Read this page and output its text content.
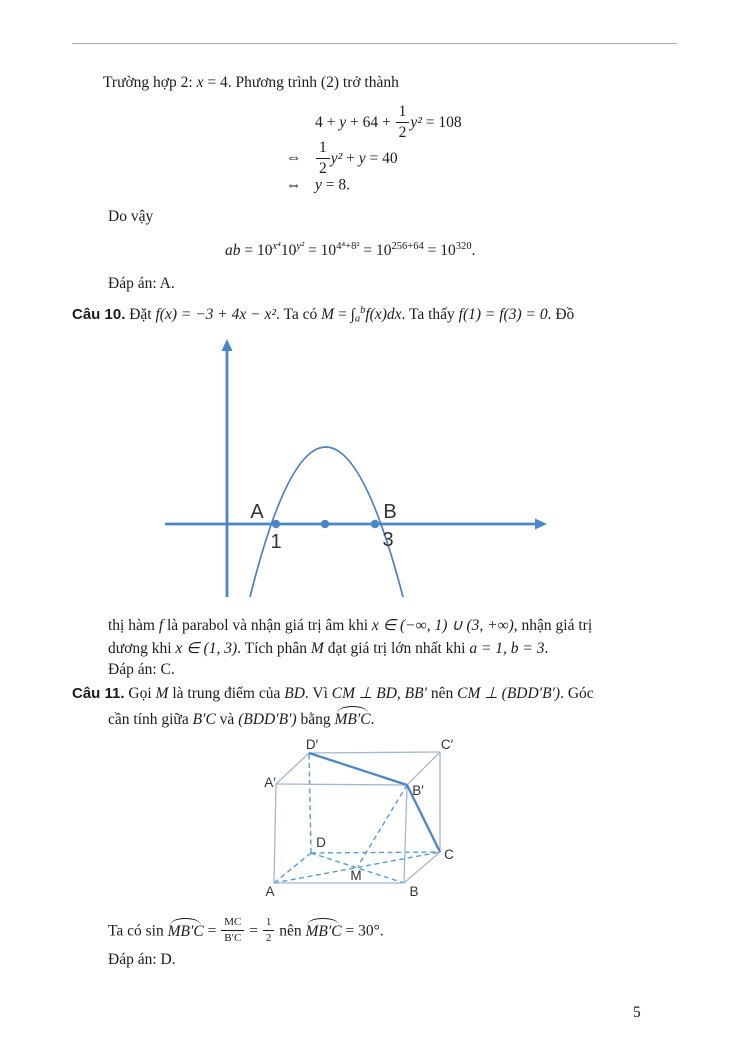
Trường hợp 2: x = 4. Phương trình (2) trở thành
$4 + y + 64 + \frac{1}{2} y^2 = 108$
⇔ $\frac{1}{2} y^2 + y = 40$
⇔ y = 8.
Do vậy
ab = $10^{x^4}10^{y^2} = 10^{4^4+8^2} = 10^{256+64} = 10^{320}$.
Đáp án: A.
Câu 10. Đặt f(x) = −3 + 4x − x². Ta có $M = \int_a^bf(x)dx$. Ta thấy f(1) = f(3) = 0. Đồ
A	B
1	3
thị hàm f là parabol và nhận giá trị âm khi x ∈ (−∞, 1) ∪ (3, +∞), nhận giá trị
dương khi x ∈ (1, 3). Tích phân M đạt giá trị lớn nhất khi a = 1, b = 3.
Đáp án: C.
Câu 11. Gọi M là trung điểm của BD. Vì CM ⊥ BD, BB′ nên CM ⊥ (BDD′B′). Góc
cần tính giữa B′C và (BDD′B′) bằng MB′C.
D′	C′
A′
B′
D
C
M
A	B
Ta có $\sin MB'C = \frac{MC}{B'C} = \frac{1}{2}$ nên MB′C = 30°.
Đáp án: D.
5
